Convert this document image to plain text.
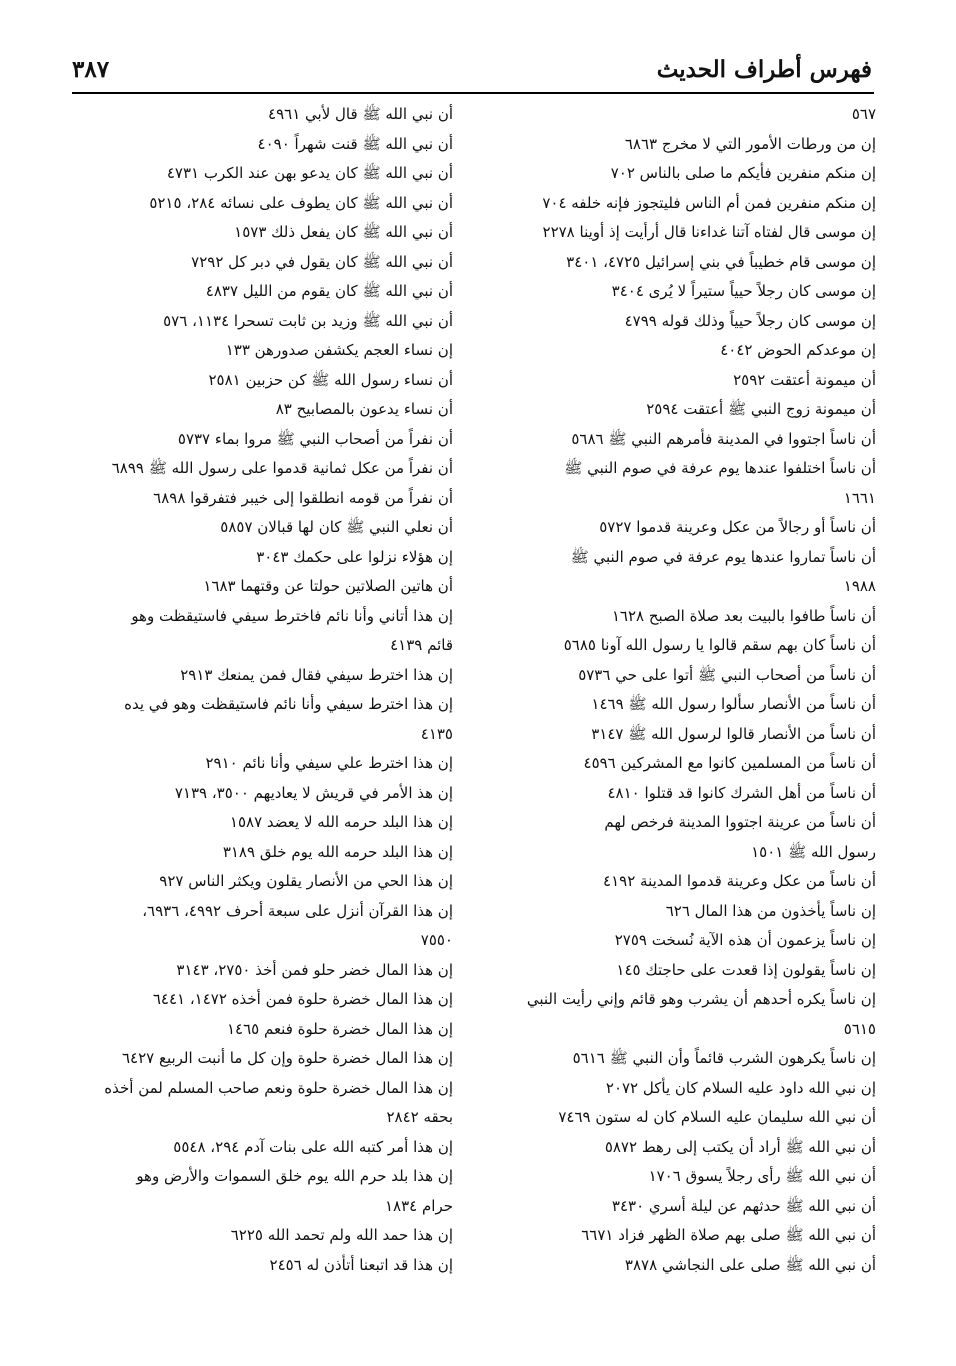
فهرس أطراف الحديث
٣٨٧
٥٦٧
إن من ورطات الأمور التي لا مخرج ٦٨٦٣
إن منكم منفرين فأيكم ما صلى بالناس ٧٠٢
إن منكم منفرين فمن أم الناس فليتجوز فإنه خلفه ٧٠٤
إن موسى قال لفتاه آتنا غداءنا قال أرأيت إذ أوينا ٢٢٧٨
إن موسى قام خطيباً في بني إسرائيل ٤٧٢٥، ٣٤٠١
إن موسى كان رجلاً حيياً ستيراً لا يُرى ٣٤٠٤
إن موسى كان رجلاً حيياً وذلك قوله ٤٧٩٩
إن موعدكم الحوض ٤٠٤٢
أن ميمونة أعتقت ٢٥٩٢
أن ميمونة زوج النبي ﷺ أعتقت ٢٥٩٤
أن ناساً اجتووا في المدينة فأمرهم النبي ﷺ ٥٦٨٦
أن ناساً اختلفوا عندها يوم عرفة في صوم النبي ﷺ
١٦٦١
أن ناساً أو رجالاً من عكل وعرينة قدموا ٥٧٢٧
أن ناساً تماروا عندها يوم عرفة في صوم النبي ﷺ
١٩٨٨
أن ناساً طافوا بالبيت بعد صلاة الصبح ١٦٢٨
أن ناساً كان بهم سقم قالوا يا رسول الله آونا ٥٦٨٥
أن ناساً من أصحاب النبي ﷺ أتوا على حي ٥٧٣٦
أن ناساً من الأنصار سألوا رسول الله ﷺ ١٤٦٩
أن ناساً من الأنصار قالوا لرسول الله ﷺ ٣١٤٧
أن ناساً من المسلمين كانوا مع المشركين ٤٥٩٦
أن ناساً من أهل الشرك كانوا قد قتلوا ٤٨١٠
أن ناساً من عرينة اجتووا المدينة فرخص لهم
رسول الله ﷺ ١٥٠١
أن ناساً من عكل وعرينة قدموا المدينة ٤١٩٢
إن ناساً يأخذون من هذا المال ٦٢٦
إن ناساً يزعمون أن هذه الآية نُسخت ٢٧٥٩
إن ناساً يقولون إذا قعدت على حاجتك ١٤٥
إن ناساً يكره أحدهم أن يشرب وهو قائم وإني رأيت النبي
٥٦١٥
إن ناساً يكرهون الشرب قائماً وأن النبي ﷺ ٥٦١٦
إن نبي الله داود عليه السلام كان يأكل ٢٠٧٢
أن نبي الله سليمان عليه السلام كان له ستون ٧٤٦٩
أن نبي الله ﷺ أراد أن يكتب إلى رهط ٥٨٧٢
أن نبي الله ﷺ رأى رجلاً يسوق ١٧٠٦
أن نبي الله ﷺ حدثهم عن ليلة أسري ٣٤٣٠
أن نبي الله ﷺ صلى بهم صلاة الظهر فزاد ٦٦٧١
أن نبي الله ﷺ صلى على النجاشي ٣٨٧٨
أن نبي الله ﷺ قال لأبي ٤٩٦١
أن نبي الله ﷺ قنت شهراً ٤٠٩٠
أن نبي الله ﷺ كان يدعو بهن عند الكرب ٤٧٣١
أن نبي الله ﷺ كان يطوف على نسائه ٢٨٤، ٥٢١٥
أن نبي الله ﷺ كان يفعل ذلك ١٥٧٣
أن نبي الله ﷺ كان يقول في دبر كل ٧٢٩٢
أن نبي الله ﷺ كان يقوم من الليل ٤٨٣٧
أن نبي الله ﷺ وزيد بن ثابت تسحرا ١١٣٤، ٥٧٦
إن نساء العجم يكشفن صدورهن ١٣٣
أن نساء رسول الله ﷺ كن حزبين ٢٥٨١
أن نساء يدعون بالمصابيح ٨٣
أن نفراً من أصحاب النبي ﷺ مروا بماء ٥٧٣٧
أن نفراً من عكل ثمانية قدموا على رسول الله ﷺ ٦٨٩٩
أن نفراً من قومه انطلقوا إلى خيبر فتفرقوا ٦٨٩٨
أن نعلي النبي ﷺ كان لها قبالان ٥٨٥٧
إن هؤلاء نزلوا على حكمك ٣٠٤٣
أن هاتين الصلاتين حولتا عن وقتهما ١٦٨٣
إن هذا أتاني وأنا نائم فاخترط سيفي فاستيقظت وهو
قائم ٤١٣٩
إن هذا اخترط سيفي فقال فمن يمنعك ٢٩١٣
إن هذا اخترط سيفي وأنا نائم فاستيقظت وهو في يده
٤١٣٥
إن هذا اخترط علي سيفي وأنا نائم ٢٩١٠
إن هذ الأمر في قريش لا يعاديهم ٣٥٠٠، ٧١٣٩
إن هذا البلد حرمه الله لا يعضد ١٥٨٧
إن هذا البلد حرمه الله يوم خلق ٣١٨٩
إن هذا الحي من الأنصار يقلون ويكثر الناس ٩٢٧
إن هذا القرآن أنزل على سبعة أحرف ٤٩٩٢، ٦٩٣٦،
٧٥٥٠
إن هذا المال خضر حلو فمن أخذ ٢٧٥٠، ٣١٤٣
إن هذا المال خضرة حلوة فمن أخذه ١٤٧٢، ٦٤٤١
إن هذا المال خضرة حلوة فنعم ١٤٦٥
إن هذا المال خضرة حلوة وإن كل ما أنبت الربيع ٦٤٢٧
إن هذا المال خضرة حلوة ونعم صاحب المسلم لمن أخذه
بحقه ٢٨٤٢
إن هذا أمر كتبه الله على بنات آدم ٢٩٤، ٥٥٤٨
إن هذا بلد حرم الله يوم خلق السموات والأرض وهو
حرام ١٨٣٤
إن هذا حمد الله ولم تحمد الله ٦٢٢٥
إن هذا قد اتبعنا أتأذن له ٢٤٥٦
